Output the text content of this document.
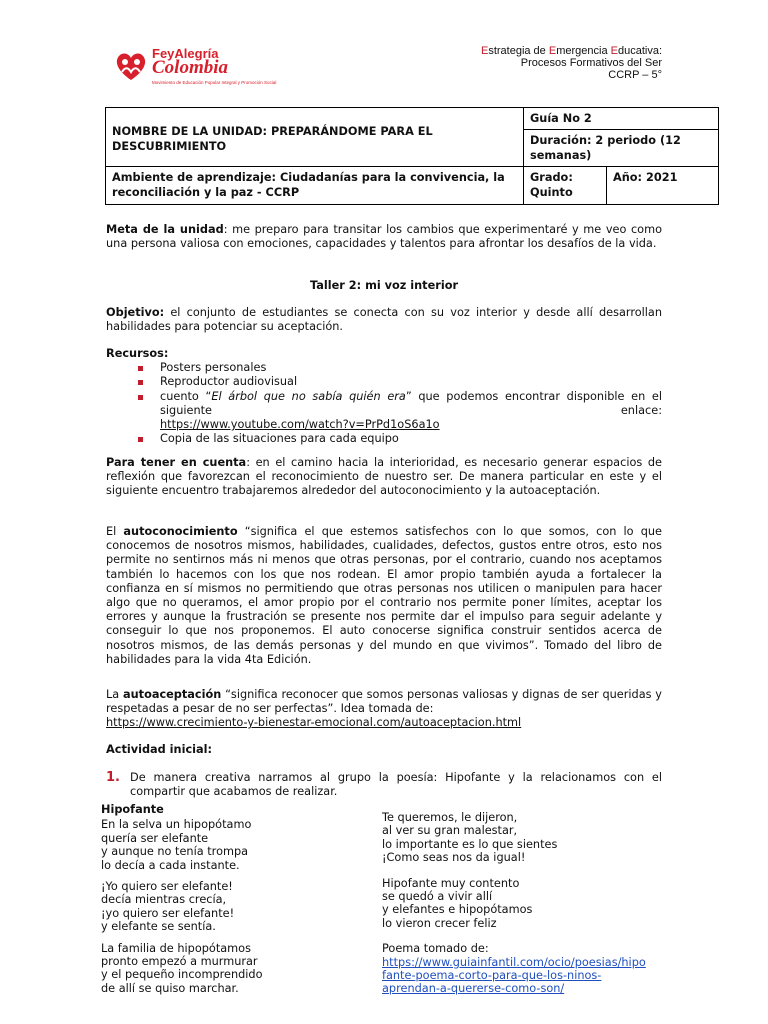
FeyAlegría
Colombia
Movimiento de Educación Popular Integral y Promoción Social
Estrategia de Emergencia Educativa:
Procesos Formativos del Ser
CCRP – 5°
NOMBRE DE LA UNIDAD: PREPARÁNDOME PARA EL DESCUBRIMIENTO	Guía No 2	
	Duración: 2 periodo (12 semanas)	
Ambiente de aprendizaje: Ciudadanías para la convivencia, la reconciliación y la paz - CCRP	Grado: Quinto	Año: 2021
Meta de la unidad: me preparo para transitar los cambios que experimentaré y me veo como una persona valiosa con emociones, capacidades y talentos para afrontar los desafíos de la vida.
Taller 2: mi voz interior
Objetivo: el conjunto de estudiantes se conecta con su voz interior y desde allí desarrollan habilidades para potenciar su aceptación.
Recursos:
Posters personales
Reproductor audiovisual
cuento “El árbol que no sabía quién era” que podemos encontrar disponible en el siguiente enlace:
https://www.youtube.com/watch?v=PrPd1oS6a1o
Copia de las situaciones para cada equipo
Para tener en cuenta: en el camino hacia la interioridad, es necesario generar espacios de reflexión que favorezcan el reconocimiento de nuestro ser. De manera particular en este y el siguiente encuentro trabajaremos alrededor del autoconocimiento y la autoaceptación.
El autoconocimiento “significa el que estemos satisfechos con lo que somos, con lo que conocemos de nosotros mismos, habilidades, cualidades, defectos, gustos entre otros, esto nos permite no sentirnos más ni menos que otras personas, por el contrario, cuando nos aceptamos también lo hacemos con los que nos rodean. El amor propio también ayuda a fortalecer la confianza en sí mismos no permitiendo que otras personas nos utilicen o manipulen para hacer algo que no queramos, el amor propio por el contrario nos permite poner límites, aceptar los errores y aunque la frustración se presente nos permite dar el impulso para seguir adelante y conseguir lo que nos proponemos. El auto conocerse significa construir sentidos acerca de nosotros mismos, de las demás personas y del mundo en que vivimos”. Tomado del libro de habilidades para la vida 4ta Edición.
La autoaceptación “significa reconocer que somos personas valiosas y dignas de ser queridas y respetadas a pesar de no ser perfectas”. Idea tomada de:
https://www.crecimiento-y-bienestar-emocional.com/autoaceptacion.html
Actividad inicial:
1. De manera creativa narramos al grupo la poesía: Hipofante y la relacionamos con el compartir que acabamos de realizar.

Hipofante

En la selva un hipopótamo
quería ser elefante
y aunque no tenía trompa
lo decía a cada instante.

¡Yo quiero ser elefante!
decía mientras crecía,
¡yo quiero ser elefante!
y elefante se sentía.

La familia de hipopótamos
pronto empezó a murmurar
y el pequeño incomprendido
de allí se quiso marchar.

Te queremos, le dijeron,
al ver su gran malestar,
lo importante es lo que sientes
¡Como seas nos da igual!

Hipofante muy contento
se quedó a vivir allí
y elefantes e hipopótamos
lo vieron crecer feliz

Poema tomado de:
https://www.guiainfantil.com/ocio/poesias/hipo
fante-poema-corto-para-que-los-ninos-
aprendan-a-quererse-como-son/
